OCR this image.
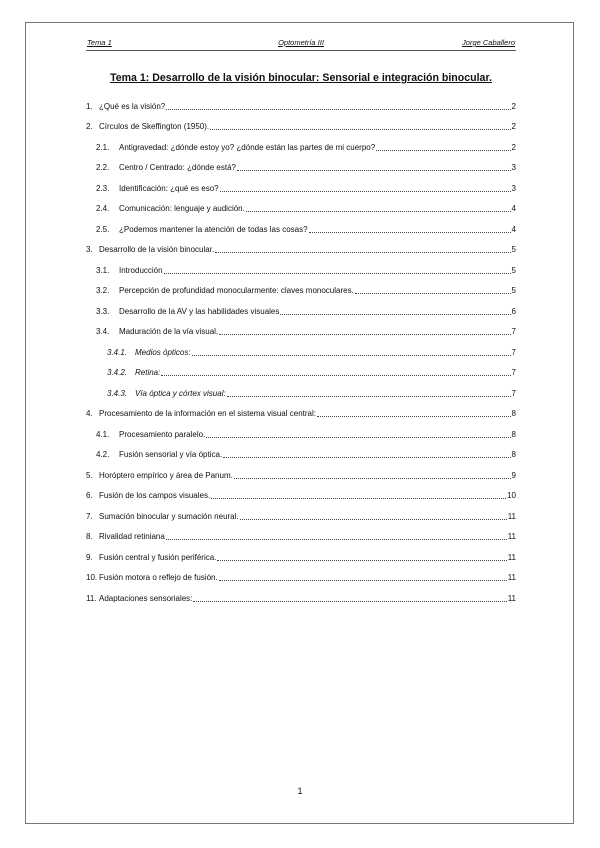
Tema 1	Optometría III	Jorge Caballero
Tema 1: Desarrollo de la visión binocular: Sensorial e integración binocular.
1. ¿Qué es la visión?	2
2. Círculos de Skeffington (1950).	2
2.1.	Antigravedad: ¿dónde estoy yo? ¿dónde están las partes de mi cuerpo?	2
2.2.	Centro / Centrado: ¿dónde está?	3
2.3.	Identificación: ¿qué es eso?	3
2.4.	Comunicación: lenguaje y audición.	4
2.5.	¿Podemos mantener la atención de todas las cosas?	4
3. Desarrollo de la visión binocular.	5
3.1.	Introducción	5
3.2.	Percepción de profundidad monocularmente: claves monoculares.	5
3.3.	Desarrollo de la AV y las habilidades visuales	6
3.4.	Maduración de la vía visual.	7
3.4.1. Medios ópticos:	7
3.4.2. Retina:	7
3.4.3. Vía óptica y córtex visual:	7
4. Procesamiento de la información en el sistema visual central:	8
4.1.	Procesamiento paralelo.	8
4.2.	Fusión sensorial y vía óptica.	8
5. Horóptero empírico y área de Panum.	9
6. Fusión de los campos visuales.	10
7. Sumación binocular y sumación neural.	11
8. Rivalidad retiniana	11
9. Fusión central y fusión periférica.	11
10. Fusión motora o reflejo de fusión.	11
11. Adaptaciones sensoriales:	11
1
